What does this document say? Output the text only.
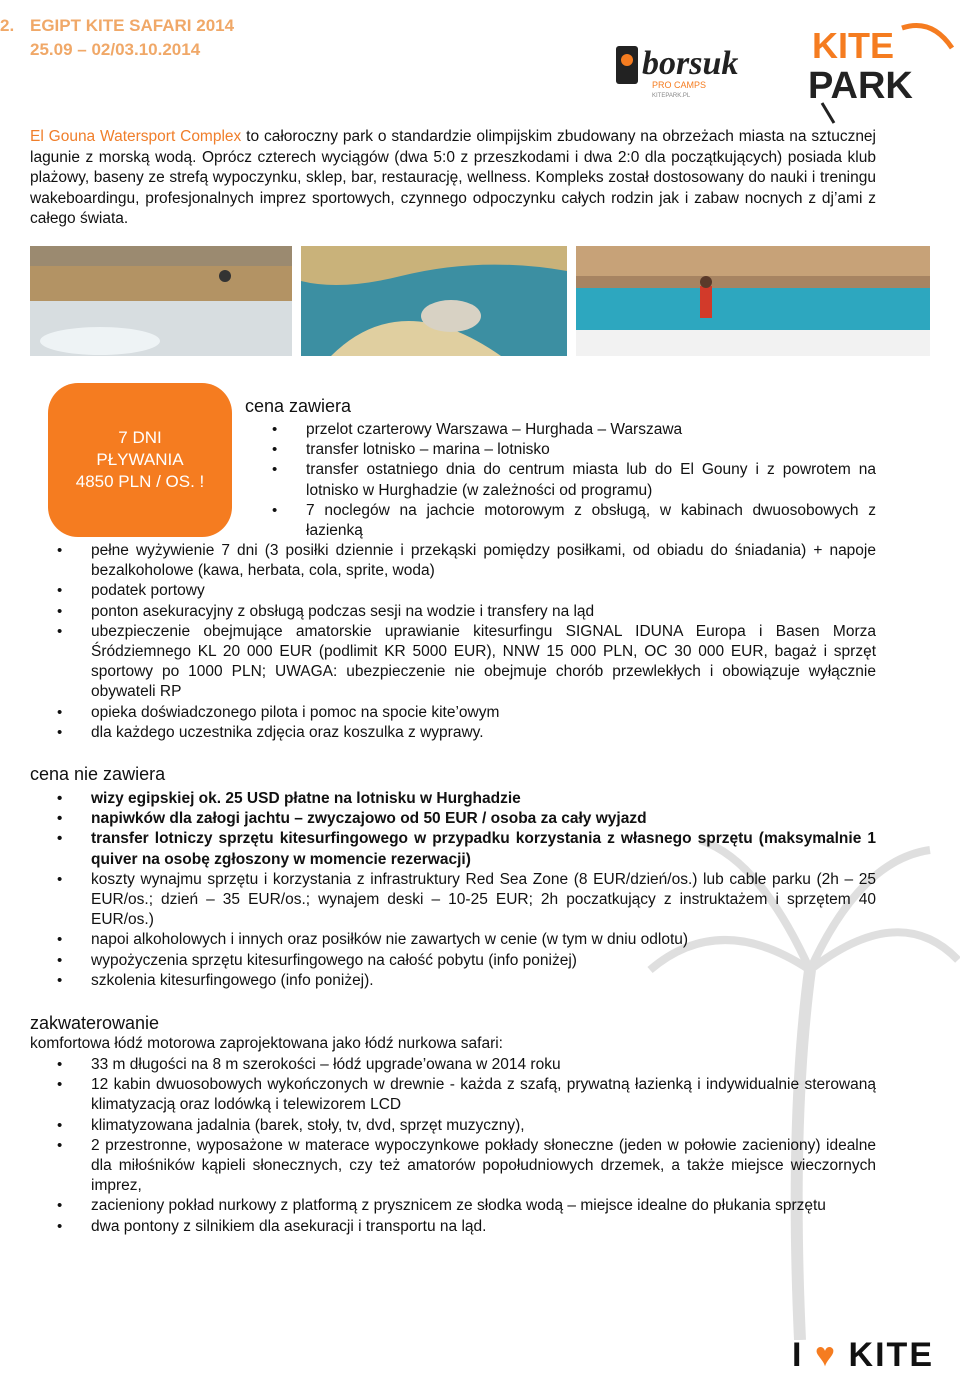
2. EGIPT KITE SAFARI 2014
25.09 – 02/03.10.2014	borsuk
PRO CAMPS
KITEPARK.PL
KITE
PARK
El Gouna Watersport Complex to całoroczny park o standardzie olimpijskim zbudowany na obrzeżach miasta na sztucznej lagunie z morską wodą. Oprócz czterech wyciągów (dwa 5:0 z przeszkodami i dwa 2:0 dla początkujących) posiada klub plażowy, baseny ze strefą wypoczynku, sklep, bar, restaurację, wellness. Kompleks został dostosowany do nauki i treningu wakeboardingu, profesjonalnych imprez sportowych, czynnego odpoczynku całych rodzin jak i zabaw nocnych z dj’ami z całego świata.
7 DNI
PŁYWANIA
4850 PLN / OS. !
cena zawiera
• przelot czarterowy Warszawa – Hurghada – Warszawa
• transfer lotnisko – marina – lotnisko
• transfer ostatniego dnia do centrum miasta lub do El Gouny i z powrotem na lotnisko w Hurghadzie (w zależności od programu)
• 7 noclegów na jachcie motorowym z obsługą, w kabinach dwuosobowych z łazienką
• pełne wyżywienie 7 dni (3 posiłki dziennie i przekąski pomiędzy posiłkami, od obiadu do śniadania) + napoje bezalkoholowe (kawa, herbata, cola, sprite, woda)
• podatek portowy
• ponton asekuracyjny z obsługą podczas sesji na wodzie i transfery na ląd
• ubezpieczenie obejmujące amatorskie uprawianie kitesurfingu SIGNAL IDUNA Europa i Basen Morza Śródziemnego KL 20 000 EUR (podlimit KR 5000 EUR), NNW 15 000 PLN, OC 30 000 EUR, bagaż i sprzęt sportowy po 1000 PLN; UWAGA: ubezpieczenie nie obejmuje chorób przewlekłych i obowiązuje wyłącznie obywateli RP
• opieka doświadczonego pilota i pomoc na spocie kite’owym
• dla każdego uczestnika zdjęcia oraz koszulka z wyprawy.
cena nie zawiera
• wizy egipskiej ok. 25 USD płatne na lotnisku w Hurghadzie
• napiwków dla załogi jachtu – zwyczajowo od 50 EUR / osoba za cały wyjazd
• transfer lotniczy sprzętu kitesurfingowego w przypadku korzystania z własnego sprzętu (maksymalnie 1 quiver na osobę zgłoszony w momencie rezerwacji)
• koszty wynajmu sprzętu i korzystania z infrastruktury Red Sea Zone (8 EUR/dzień/os.) lub cable parku (2h – 25 EUR/os.; dzień – 35 EUR/os.; wynajem deski – 10-25 EUR; 2h poczatkujący z instruktażem i sprzętem 40 EUR/os.)
• napoi alkoholowych i innych oraz posiłków nie zawartych w cenie (w tym w dniu odlotu)
• wypożyczenia sprzętu kitesurfingowego na całość pobytu (info poniżej)
• szkolenia kitesurfingowego (info poniżej).
zakwaterowanie
komfortowa łódź motorowa zaprojektowana jako łódź nurkowa safari:
• 33 m długości na 8 m szerokości – łódź upgrade’owana w 2014 roku
• 12 kabin dwuosobowych wykończonych w drewnie - każda z szafą, prywatną łazienką i indywidualnie sterowaną klimatyzacją oraz lodówką i telewizorem LCD
• klimatyzowana jadalnia (barek, stoły, tv, dvd, sprzęt muzyczny),
• 2 przestronne, wyposażone w materace wypoczynkowe pokłady słoneczne (jeden w połowie zacieniony) idealne dla miłośników kąpieli słonecznych, czy też amatorów popołudniowych drzemek, a także miejsce wieczornych imprez,
• zacieniony pokład nurkowy z platformą z prysznicem ze słodka wodą – miejsce idealne do płukania sprzętu
• dwa pontony z silnikiem dla asekuracji i transportu na ląd.
I ♥ KITE
